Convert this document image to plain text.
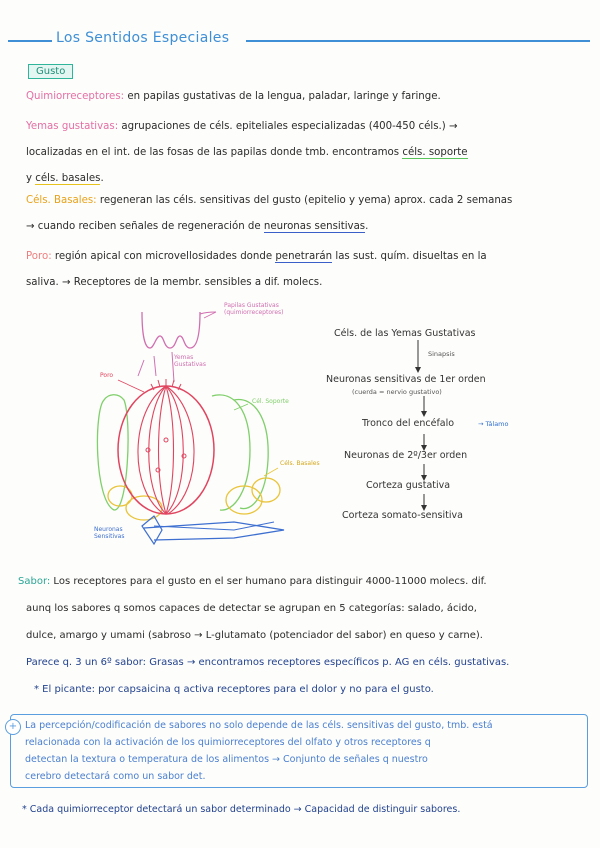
Los Sentidos Especiales
Gusto
Quimiorreceptores: en papilas gustativas de la lengua, paladar, laringe y faringe.
Yemas gustativas: agrupaciones de céls. epiteliales especializadas (400-450 céls.) →
localizadas en el int. de las fosas de las papilas donde tmb. encontramos céls. soporte
y céls. basales.
Céls. Basales: regeneran las céls. sensitivas del gusto (epitelio y yema) aprox. cada 2 semanas
→ cuando reciben señales de regeneración de neuronas sensitivas.
Poro: región apical con microvellosidades donde penetrarán las sust. quím. disueltas en la
saliva. → Receptores de la membr. sensibles a dif. molecs.
Papilas Gustativas
(quimiorreceptores)
Yemas
Gustativas
Poro
Cél. Soporte
Céls. Basales
Neuronas
Sensitivas
Céls. de las Yemas Gustativas
Sinapsis
Neuronas sensitivas de 1er orden
(cuerda = nervio gustativo)
Tronco del encéfalo	→ Tálamo
Neuronas de 2º/3er orden
Corteza gustativa
Corteza somato-sensitiva
Sabor: Los receptores para el gusto en el ser humano para distinguir 4000-11000 molecs. dif.
aunq los sabores q somos capaces de detectar se agrupan en 5 categorías: salado, ácido,
dulce, amargo y umami (sabroso → L-glutamato (potenciador del sabor) en queso y carne).
Parece q. 3 un 6º sabor: Grasas → encontramos receptores específicos p. AG en céls. gustativas.
* El picante: por capsaicina q activa receptores para el dolor y no para el gusto.
+ La percepción/codificación de sabores no solo depende de las céls. sensitivas del gusto, tmb. está
relacionada con la activación de los quimiorreceptores del olfato y otros receptores q
detectan la textura o temperatura de los alimentos → Conjunto de señales q nuestro
cerebro detectará como un sabor det.
* Cada quimiorreceptor detectará un sabor determinado → Capacidad de distinguir sabores.
